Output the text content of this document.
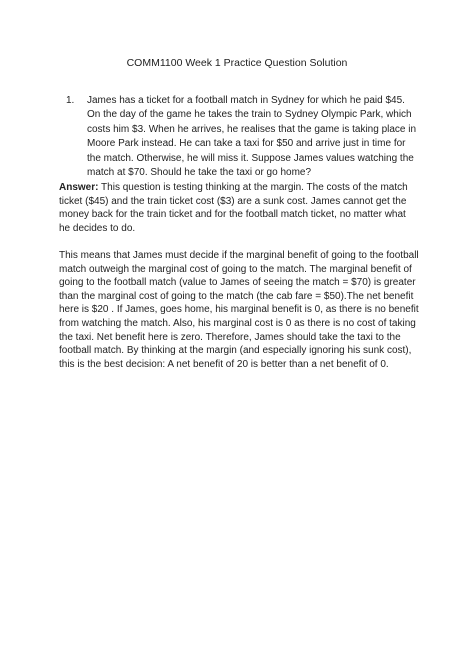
COMM1100 Week 1 Practice Question Solution
1. James has a ticket for a football match in Sydney for which he paid $45. On the day of the game he takes the train to Sydney Olympic Park, which costs him $3. When he arrives, he realises that the game is taking place in Moore Park instead. He can take a taxi for $50 and arrive just in time for the match. Otherwise, he will miss it. Suppose James values watching the match at $70. Should he take the taxi or go home?

Answer: This question is testing thinking at the margin. The costs of the match ticket ($45) and the train ticket cost ($3) are a sunk cost. James cannot get the money back for the train ticket and for the football match ticket, no matter what he decides to do.

This means that James must decide if the marginal benefit of going to the football match outweigh the marginal cost of going to the match. The marginal benefit of going to the football match (value to James of seeing the match = $70) is greater than the marginal cost of going to the match (the cab fare = $50).The net benefit here is $20 . If James, goes home, his marginal benefit is 0, as there is no benefit from watching the match. Also, his marginal cost is 0 as there is no cost of taking the taxi. Net benefit here is zero. Therefore, James should take the taxi to the football match. By thinking at the margin (and especially ignoring his sunk cost), this is the best decision: A net benefit of 20 is better than a net benefit of 0.
